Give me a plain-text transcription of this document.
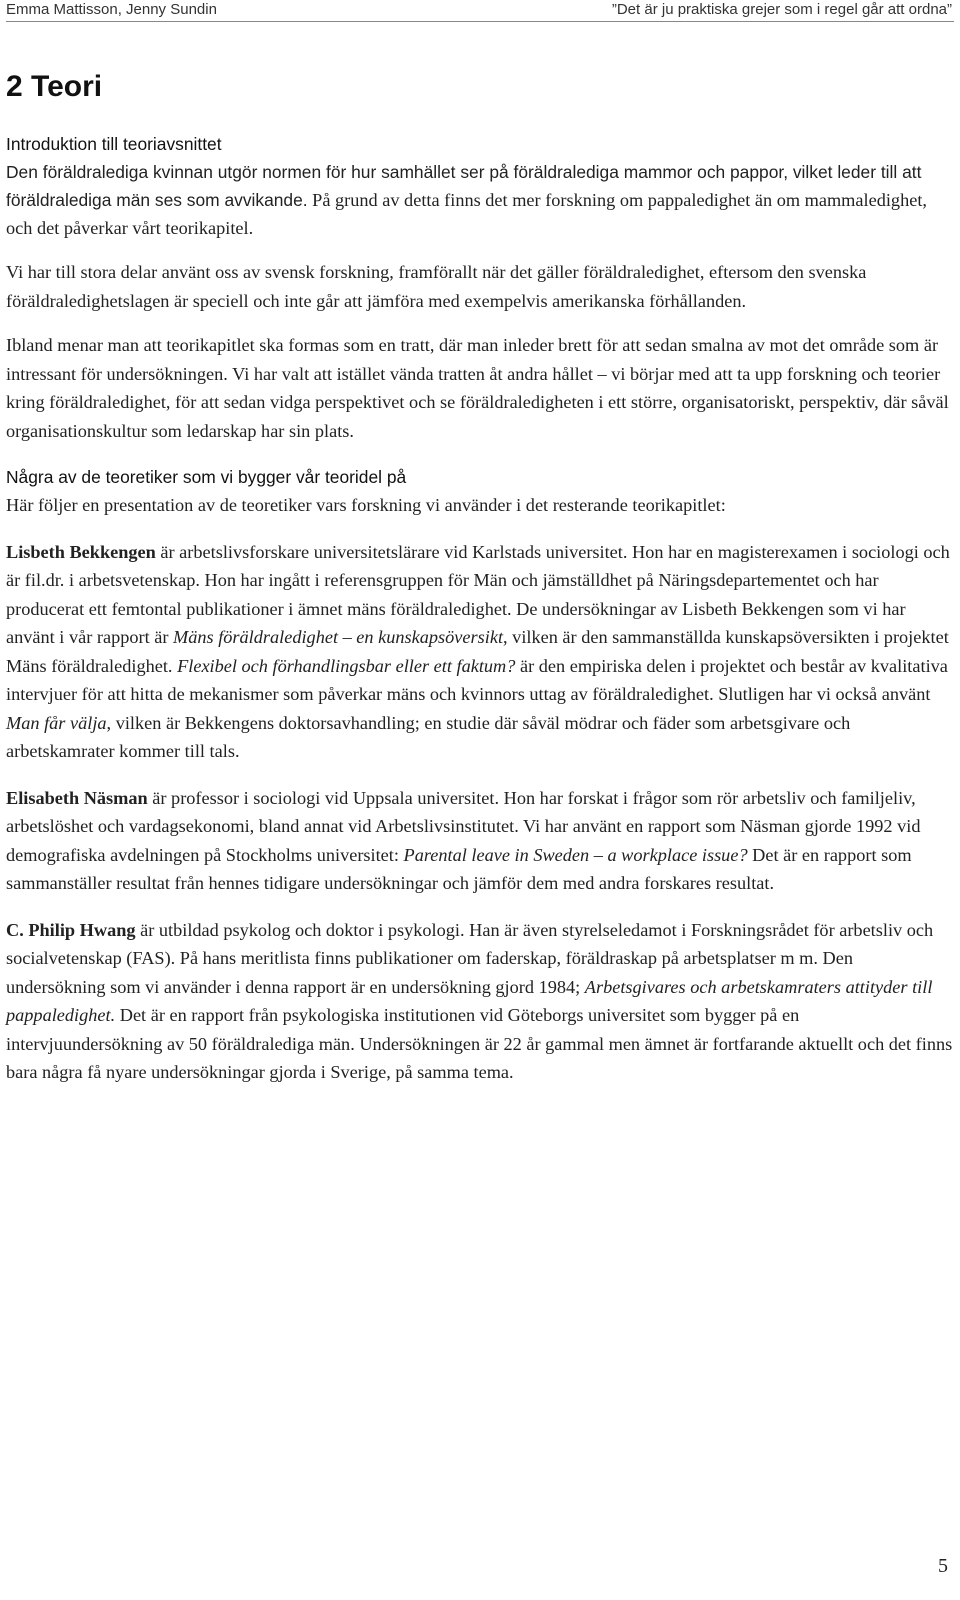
Emma Mattisson, Jenny Sundin	”Det är ju praktiska grejer som i regel går att ordna”
2 Teori

Introduktion till teoriavsnittet

Den föräldralediga kvinnan utgör normen för hur samhället ser på föräldralediga mammor och pappor, vilket leder till att föräldralediga män ses som avvikande. På grund av detta finns det mer forskning om pappaledighet än om mammaledighet, och det påverkar vårt teorikapitel.

Vi har till stora delar använt oss av svensk forskning, framförallt när det gäller föräldraledighet, eftersom den svenska föräldraledighetslagen är speciell och inte går att jämföra med exempelvis amerikanska förhållanden.

Ibland menar man att teorikapitlet ska formas som en tratt, där man inleder brett för att sedan smalna av mot det område som är intressant för undersökningen. Vi har valt att istället vända tratten åt andra hållet – vi börjar med att ta upp forskning och teorier kring föräldraledighet, för att sedan vidga perspektivet och se föräldraledigheten i ett större, organisatoriskt, perspektiv, där såväl organisationskultur som ledarskap har sin plats.

Några av de teoretiker som vi bygger vår teoridel på

Här följer en presentation av de teoretiker vars forskning vi använder i det resterande teorikapitlet:

Lisbeth Bekkengen är arbetslivsforskare universitetslärare vid Karlstads universitet. Hon har en magisterexamen i sociologi och är fil.dr. i arbetsvetenskap. Hon har ingått i referensgruppen för Män och jämställdhet på Näringsdepartementet och har producerat ett femtontal publikationer i ämnet mäns föräldraledighet. De undersökningar av Lisbeth Bekkengen som vi har använt i vår rapport är Mäns föräldraledighet – en kunskapsöversikt, vilken är den sammanställda kunskapsöversikten i projektet Mäns föräldraledighet. Flexibel och förhandlingsbar eller ett faktum? är den empiriska delen i projektet och består av kvalitativa intervjuer för att hitta de mekanismer som påverkar mäns och kvinnors uttag av föräldraledighet. Slutligen har vi också använt Man får välja, vilken är Bekkengens doktorsavhandling; en studie där såväl mödrar och fäder som arbetsgivare och arbetskamrater kommer till tals.

Elisabeth Näsman är professor i sociologi vid Uppsala universitet. Hon har forskat i frågor som rör arbetsliv och familjeliv, arbetslöshet och vardagsekonomi, bland annat vid Arbetslivsinstitutet. Vi har använt en rapport som Näsman gjorde 1992 vid demografiska avdelningen på Stockholms universitet: Parental leave in Sweden – a workplace issue? Det är en rapport som sammanställer resultat från hennes tidigare undersökningar och jämför dem med andra forskares resultat.

C. Philip Hwang är utbildad psykolog och doktor i psykologi. Han är även styrelseledamot i Forskningsrådet för arbetsliv och socialvetenskap (FAS). På hans meritlista finns publikationer om faderskap, föräldraskap på arbetsplatser m m. Den undersökning som vi använder i denna rapport är en undersökning gjord 1984; Arbetsgivares och arbetskamraters attityder till pappaledighet. Det är en rapport från psykologiska institutionen vid Göteborgs universitet som bygger på en intervjuundersökning av 50 föräldralediga män. Undersökningen är 22 år gammal men ämnet är fortfarande aktuellt och det finns bara några få nyare undersökningar gjorda i Sverige, på samma tema.

5
